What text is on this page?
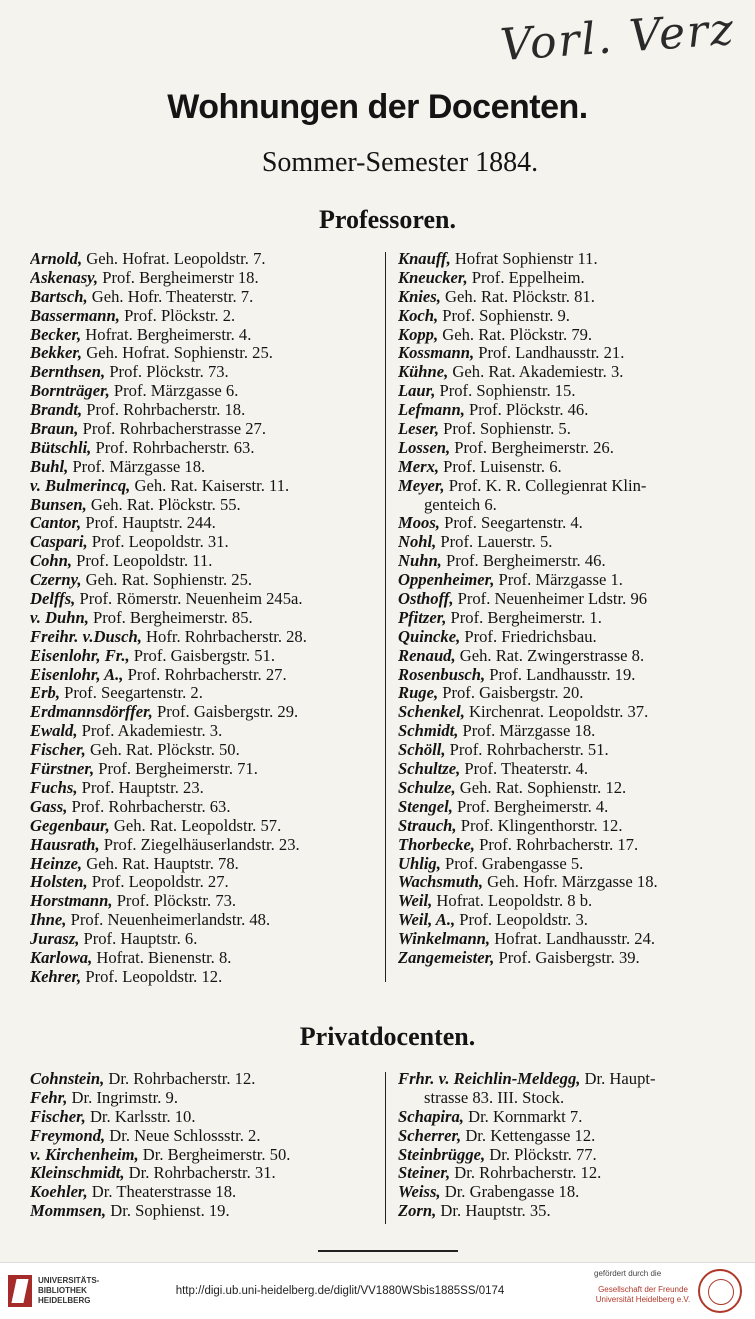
Vorl. Verz
Wohnungen der Docenten.
Sommer-Semester 1884.
Professoren.
Arnold, Geh. Hofrat. Leopoldstr. 7.
Askenasy, Prof. Bergheimerstr 18.
Bartsch, Geh. Hofr. Theaterstr. 7.
Bassermann, Prof. Plöckstr. 2.
Becker, Hofrat. Bergheimerstr. 4.
Bekker, Geh. Hofrat. Sophienstr. 25.
Bernthsen, Prof. Plöckstr. 73.
Bornträger, Prof. Märzgasse 6.
Brandt, Prof. Rohrbacherstr. 18.
Braun, Prof. Rohrbacherstrasse 27.
Bütschli, Prof. Rohrbacherstr. 63.
Buhl, Prof. Märzgasse 18.
v. Bulmerincq, Geh. Rat. Kaiserstr. 11.
Bunsen, Geh. Rat. Plöckstr. 55.
Cantor, Prof. Hauptstr. 244.
Caspari, Prof. Leopoldstr. 31.
Cohn, Prof. Leopoldstr. 11.
Czerny, Geh. Rat. Sophienstr. 25.
Delffs, Prof. Römerstr. Neuenheim 245a.
v. Duhn, Prof. Bergheimerstr. 85.
Freihr. v.Dusch, Hofr. Rohrbacherstr. 28.
Eisenlohr, Fr., Prof. Gaisbergstr. 51.
Eisenlohr, A., Prof. Rohrbacherstr. 27.
Erb, Prof. Seegartenstr. 2.
Erdmannsdörffer, Prof. Gaisbergstr. 29.
Ewald, Prof. Akademiestr. 3.
Fischer, Geh. Rat. Plöckstr. 50.
Fürstner, Prof. Bergheimerstr. 71.
Fuchs, Prof. Hauptstr. 23.
Gass, Prof. Rohrbacherstr. 63.
Gegenbaur, Geh. Rat. Leopoldstr. 57.
Hausrath, Prof. Ziegelhäuserlandstr. 23.
Heinze, Geh. Rat. Hauptstr. 78.
Holsten, Prof. Leopoldstr. 27.
Horstmann, Prof. Plöckstr. 73.
Ihne, Prof. Neuenheimerlandstr. 48.
Jurasz, Prof. Hauptstr. 6.
Karlowa, Hofrat. Bienenstr. 8.
Kehrer, Prof. Leopoldstr. 12.
Knauff, Hofrat Sophienstr 11.
Kneucker, Prof. Eppelheim.
Knies, Geh. Rat. Plöckstr. 81.
Koch, Prof. Sophienstr. 9.
Kopp, Geh. Rat. Plöckstr. 79.
Kossmann, Prof. Landhausstr. 21.
Kühne, Geh. Rat. Akademiestr. 3.
Laur, Prof. Sophienstr. 15.
Lefmann, Prof. Plöckstr. 46.
Leser, Prof. Sophienstr. 5.
Lossen, Prof. Bergheimerstr. 26.
Merx, Prof. Luisenstr. 6.
Meyer, Prof. K. R. Collegienrat Klin-
genteich 6.
Moos, Prof. Seegartenstr. 4.
Nohl, Prof. Lauerstr. 5.
Nuhn, Prof. Bergheimerstr. 46.
Oppenheimer, Prof. Märzgasse 1.
Osthoff, Prof. Neuenheimer Ldstr. 96
Pfitzer, Prof. Bergheimerstr. 1.
Quincke, Prof. Friedrichsbau.
Renaud, Geh. Rat. Zwingerstrasse 8.
Rosenbusch, Prof. Landhausstr. 19.
Ruge, Prof. Gaisbergstr. 20.
Schenkel, Kirchenrat. Leopoldstr. 37.
Schmidt, Prof. Märzgasse 18.
Schöll, Prof. Rohrbacherstr. 51.
Schultze, Prof. Theaterstr. 4.
Schulze, Geh. Rat. Sophienstr. 12.
Stengel, Prof. Bergheimerstr. 4.
Strauch, Prof. Klingenthorstr. 12.
Thorbecke, Prof. Rohrbacherstr. 17.
Uhlig, Prof. Grabengasse 5.
Wachsmuth, Geh. Hofr. Märzgasse 18.
Weil, Hofrat. Leopoldstr. 8 b.
Weil, A., Prof. Leopoldstr. 3.
Winkelmann, Hofrat. Landhausstr. 24.
Zangemeister, Prof. Gaisbergstr. 39.
Privatdocenten.
Cohnstein, Dr. Rohrbacherstr. 12.
Fehr, Dr. Ingrimstr. 9.
Fischer, Dr. Karlsstr. 10.
Freymond, Dr. Neue Schlossstr. 2.
v. Kirchenheim, Dr. Bergheimerstr. 50.
Kleinschmidt, Dr. Rohrbacherstr. 31.
Koehler, Dr. Theaterstrasse 18.
Mommsen, Dr. Sophienst. 19.
Frhr. v. Reichlin-Meldegg, Dr. Haupt-
strasse 83. III. Stock.
Schapira, Dr. Kornmarkt 7.
Scherrer, Dr. Kettengasse 12.
Steinbrügge, Dr. Plöckstr. 77.
Steiner, Dr. Rohrbacherstr. 12.
Weiss, Dr. Grabengasse 18.
Zorn, Dr. Hauptstr. 35.
UNIVERSITÄTS-
BIBLIOTHEK
HEIDELBERG
http://digi.ub.uni-heidelberg.de/diglit/VV1880WSbis1885SS/0174
gefördert durch die
Gesellschaft der Freunde
Universität Heidelberg e.V.
